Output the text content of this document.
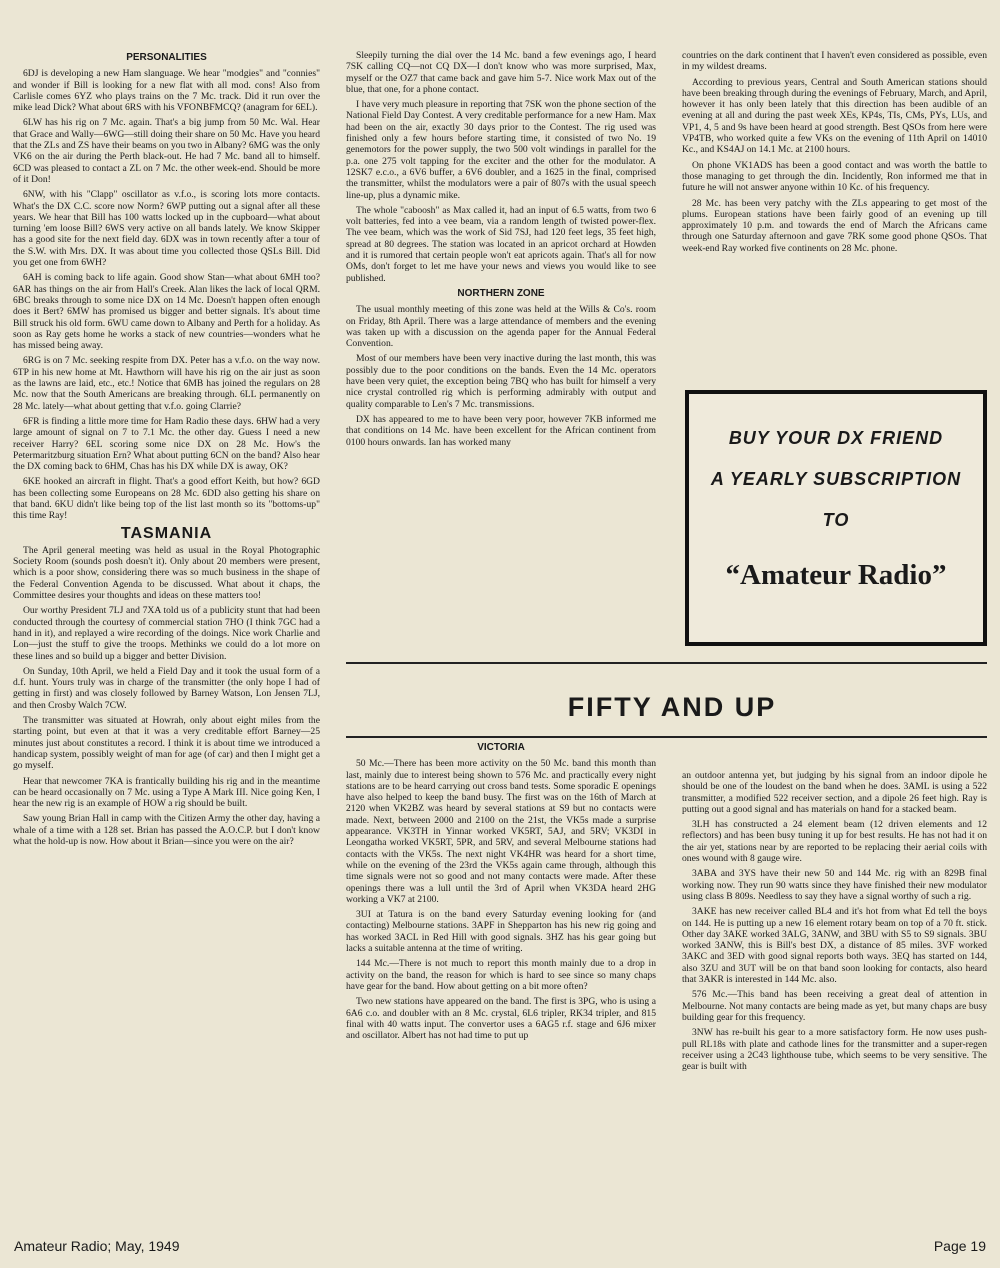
PERSONALITIES

6DJ is developing a new Ham slanguage. We hear "modgies" and "connies" and wonder if Bill is looking for a new flat with all mod. cons! Also from Carlisle comes 6YZ who plays trains on the 7 Mc. track. Did it run over the mike lead Dick? What about 6RS with his VFONBFMCQ? (anagram for 6EL).

6LW has his rig on 7 Mc. again. That's a big jump from 50 Mc. Wal. Hear that Grace and Wally—6WG—still doing their share on 50 Mc. Have you heard that the ZLs and ZS have their beams on you two in Albany? 6MG was the only VK6 on the air during the Perth black-out. He had 7 Mc. band all to himself. 6CD was pleased to contact a ZL on 7 Mc. the other week-end. Should be more of it Don!

6NW, with his "Clapp" oscillator as v.f.o., is scoring lots more contacts. What's the DX C.C. score now Norm? 6WP putting out a signal after all these years. We hear that Bill has 100 watts locked up in the cupboard—what about turning 'em loose Bill? 6WS very active on all bands lately. We know Skipper has a good site for the next field day. 6DX was in town recently after a tour of the S.W. with Mrs. DX. It was about time you collected those QSLs Bill. Did you get one from 6WH?

6AH is coming back to life again. Good show Stan—what about 6MH too? 6AR has things on the air from Hall's Creek. Alan likes the lack of local QRM. 6BC breaks through to some nice DX on 14 Mc. Doesn't happen often enough does it Bert? 6MW has promised us bigger and better signals. It's about time Bill struck his old form. 6WU came down to Albany and Perth for a holiday. As soon as Ray gets home he works a stack of new countries—wonders what he has missed being away.

6RG is on 7 Mc. seeking respite from DX. Peter has a v.f.o. on the way now. 6TP in his new home at Mt. Hawthorn will have his rig on the air just as soon as the lawns are laid, etc., etc.! Notice that 6MB has joined the regulars on 28 Mc. now that the South Americans are breaking through. 6LL permanently on 28 Mc. lately—what about getting that v.f.o. going Clarrie?

6FR is finding a little more time for Ham Radio these days. 6HW had a very large amount of signal on 7 to 7.1 Mc. the other day. Guess I need a new receiver Harry? 6EL scoring some nice DX on 28 Mc. How's the Petermaritzburg situation Ern? What about putting 6CN on the band? Also hear the DX coming back to 6HM, Chas has his DX while DX is away, OK?

6KE hooked an aircraft in flight. That's a good effort Keith, but how? 6GD has been collecting some Europeans on 28 Mc. 6DD also getting his share on that band. 6KU didn't like being top of the list last month so its "bottoms-up" this time Ray!

TASMANIA

The April general meeting was held as usual in the Royal Photographic Society Room (sounds posh doesn't it). Only about 20 members were present, which is a poor show, considering there was so much business in the shape of the Federal Convention Agenda to be discussed. What about it chaps, the Committee desires your thoughts and ideas on these matters too!

Our worthy President 7LJ and 7XA told us of a publicity stunt that had been conducted through the courtesy of commercial station 7HO (I think 7GC had a hand in it), and replayed a wire recording of the doings. Nice work Charlie and Lon—just the stuff to give the troops. Methinks we could do a lot more on these lines and so build up a bigger and better Division.

On Sunday, 10th April, we held a Field Day and it took the usual form of a d.f. hunt. Yours truly was in charge of the transmitter (the only hope I had of getting in first) and was closely followed by Barney Watson, Lon Jensen 7LJ, and then Crosby Walch 7CW.

The transmitter was situated at Howrah, only about eight miles from the starting point, but even at that it was a very creditable effort Barney—25 minutes just about constitutes a record. I think it is about time we introduced a handicap system, possibly weight of man for age (of car) and then I might get a go myself.

Hear that newcomer 7KA is frantically building his rig and in the meantime can be heard occasionally on 7 Mc. using a Type A Mark III. Nice going Ken, I hear the new rig is an example of HOW a rig should be built.

Saw young Brian Hall in camp with the Citizen Army the other day, having a whale of a time with a 128 set. Brian has passed the A.O.C.P. but I don't know what the hold-up is now. How about it Brian—since you were on the air?

Sleepily turning the dial over the 14 Mc. band a few evenings ago, I heard 7SK calling CQ—not CQ DX—I don't know who was more surprised, Max, myself or the OZ7 that came back and gave him 5-7. Nice work Max out of the blue, that one, for a phone contact.

I have very much pleasure in reporting that 7SK won the phone section of the National Field Day Contest. A very creditable performance for a new Ham. Max had been on the air, exactly 30 days prior to the Contest. The rig used was finished only a few hours before starting time, it consisted of two No. 19 genemotors for the power supply, the two 500 volt windings in parallel for the p.a. one 275 volt tapping for the exciter and the other for the modulator. A 12SK7 e.c.o., a 6V6 buffer, a 6V6 doubler, and a 1625 in the final, comprised the transmitter, whilst the modulators were a pair of 807s with the usual speech line-up, plus a dynamic mike.

The whole "caboosh" as Max called it, had an input of 6.5 watts, from two 6 volt batteries, fed into a vee beam, via a random length of twisted power-flex. The vee beam, which was the work of Sid 7SJ, had 120 feet legs, 35 feet high, spread at 80 degrees. The station was located in an apricot orchard at Howden and it is rumored that certain people won't eat apricots again. That's all for now OMs, don't forget to let me have your news and views you would like to see published.

NORTHERN ZONE

The usual monthly meeting of this zone was held at the Wills & Co's. room on Friday, 8th April. There was a large attendance of members and the evening was taken up with a discussion on the agenda paper for the Annual Federal Convention.

Most of our members have been very inactive during the last month, this was possibly due to the poor conditions on the bands. Even the 14 Mc. operators have been very quiet, the exception being 7BQ who has built for himself a very nice crystal controlled rig which is performing admirably with output and quality comparable to Len's 7 Mc. transmissions.

DX has appeared to me to have been very poor, however 7KB informed me that conditions on 14 Mc. have been excellent for the African continent from 0100 hours onwards. Ian has worked many

countries on the dark continent that I haven't even considered as possible, even in my wildest dreams.

According to previous years, Central and South American stations should have been breaking through during the evenings of February, March, and April, however it has only been lately that this direction has been audible of an evening at all and during the past week XEs, KP4s, TIs, CMs, PYs, LUs, and VP1, 4, 5 and 9s have been heard at good strength. Best QSOs from here were VP4TB, who worked quite a few VKs on the evening of 11th April on 14010 Kc., and KS4AJ on 14.1 Mc. at 2100 hours.

On phone VK1ADS has been a good contact and was worth the battle to those managing to get through the din. Incidently, Ron informed me that in future he will not answer anyone within 10 Kc. of his frequency.

28 Mc. has been very patchy with the ZLs appearing to get most of the plums. European stations have been fairly good of an evening up till approximately 10 p.m. and towards the end of March the Africans came through one Saturday afternoon and gave 7RK some good phone QSOs. That week-end Ray worked five continents on 28 Mc. phone.

BUY YOUR DX FRIEND
A YEARLY SUBSCRIPTION
TO
“Amateur Radio”
FIFTY AND UP
VICTORIA

50 Mc.—There has been more activity on the 50 Mc. band this month than last, mainly due to interest being shown to 576 Mc. and practically every night stations are to be heard carrying out cross band tests. Some sporadic E openings have also helped to keep the band busy. The first was on the 16th of March at 2120 when VK2BZ was heard by several stations at S9 but no contacts were made. Next, between 2000 and 2100 on the 21st, the VK5s made a surprise appearance. VK3TH in Yinnar worked VK5RT, 5AJ, and 5RV; VK3DI in Leongatha worked VK5RT, 5PR, and 5RV, and several Melbourne stations had contacts with the VK5s. The next night VK4HR was heard for a short time, while on the evening of the 23rd the VK5s again came through, although this time signals were not so good and not many contacts were made. After these openings there was a lull until the 3rd of April when VK3DA heard 2HG working a VK7 at 2100.

3UI at Tatura is on the band every Saturday evening looking for (and contacting) Melbourne stations. 3APF in Shepparton has his new rig going and has worked 3ACL in Red Hill with good signals. 3HZ has his gear going but lacks a suitable antenna at the time of writing.

144 Mc.—There is not much to report this month mainly due to a drop in activity on the band, the reason for which is hard to see since so many chaps have gear for the band. How about getting on a bit more often?

Two new stations have appeared on the band. The first is 3PG, who is using a 6A6 c.o. and doubler with an 8 Mc. crystal, 6L6 tripler, RK34 tripler, and 815 final with 40 watts input. The convertor uses a 6AG5 r.f. stage and 6J6 mixer and oscillator. Albert has not had time to put up

an outdoor antenna yet, but judging by his signal from an indoor dipole he should be one of the loudest on the band when he does. 3AML is using a 522 transmitter, a modified 522 receiver section, and a dipole 26 feet high. Ray is putting out a good signal and has materials on hand for a stacked beam.

3LH has constructed a 24 element beam (12 driven elements and 12 reflectors) and has been busy tuning it up for best results. He has not had it on the air yet, stations near by are reported to be replacing their aerial coils with ones wound with 8 gauge wire.

3ABA and 3YS have their new 50 and 144 Mc. rig with an 829B final working now. They run 90 watts since they have finished their new modulator using class B 809s. Needless to say they have a signal worthy of such a rig.

3AKE has new receiver called BL4 and it's hot from what Ed tell the boys on 144. He is putting up a new 16 element rotary beam on top of a 70 ft. stick. Other day 3AKE worked 3ALG, 3ANW, and 3BU with S5 to S9 signals. 3BU worked 3ANW, this is Bill's best DX, a distance of 85 miles. 3VF worked 3AKC and 3ED with good signal reports both ways. 3EQ has started on 144, also 3ZU and 3UT will be on that band soon looking for contacts, also heard that 3AKR is interested in 144 Mc. also.

576 Mc.—This band has been receiving a great deal of attention in Melbourne. Not many contacts are being made as yet, but many chaps are busy building gear for this frequency.

3NW has re-built his gear to a more satisfactory form. He now uses push-pull RL18s with plate and cathode lines for the transmitter and a super-regen receiver using a 2C43 lighthouse tube, which seems to be very sensitive. The gear is built with

Amateur Radio; May, 1949	Page 19
